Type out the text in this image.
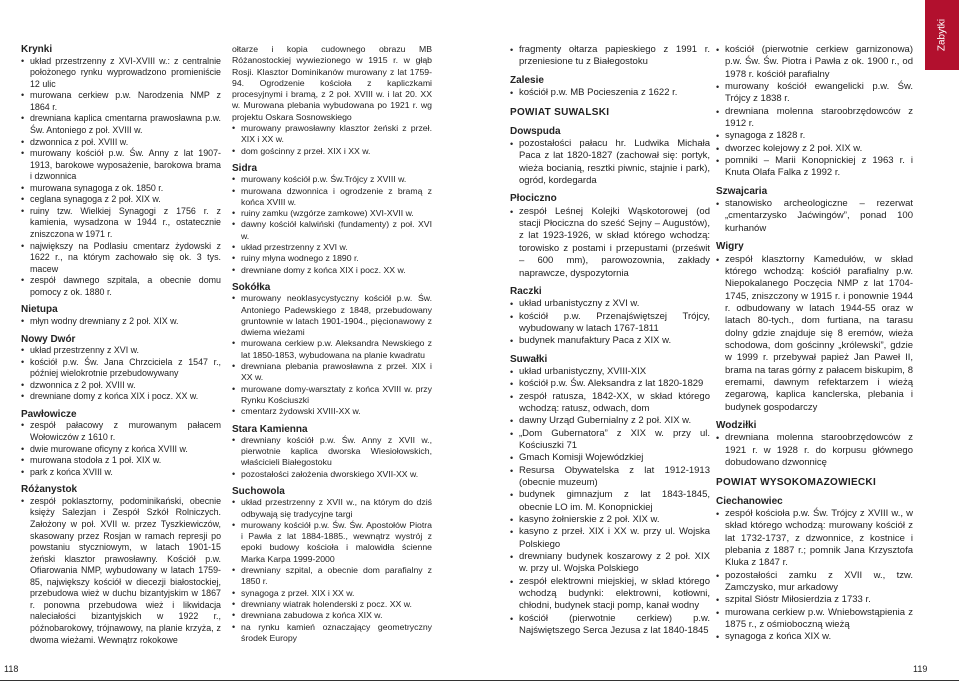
Zabytki
Krynki
• układ przestrzenny z XVI-XVIII w.: z centralnie położonego rynku wyprowadzono promieniście 12 ulic
• murowana cerkiew p.w. Narodzenia NMP z 1864 r.
• drewniana kaplica cmentarna prawosławna p.w. Św. Antoniego z poł. XVIII w.
• dzwonnica z poł. XVIII w.
• murowany kościół p.w. Św. Anny z lat 1907-1913, barokowe wyposażenie, barokowa brama i dzwonnica
• murowana synagoga z ok. 1850 r.
• ceglana synagoga z 2 poł. XIX w.
• ruiny tzw. Wielkiej Synagogi z 1756 r. z kamienia, wysadzona w 1944 r., ostatecznie zniszczona w 1971 r.
• największy na Podlasiu cmentarz żydowski z 1622 r., na którym zachowało się ok. 3 tys. macew
• zespół dawnego szpitala, a obecnie domu pomocy z ok. 1880 r.
Nietupa
• młyn wodny drewniany z 2 poł. XIX w.
Nowy Dwór
• układ przestrzenny z XVI w.
• kościół p.w. Św. Jana Chrzciciela z 1547 r., później wielokrotnie przebudowywany
• dzwonnica z 2 poł. XVIII w.
• drewniane domy z końca XIX i pocz. XX w.
Pawłowicze
• zespół pałacowy z murowanym pałacem Wołowiczów z 1610 r.
• dwie murowane oficyny z końca XVIII w.
• murowana stodoła z 1 poł. XIX w.
• park z końca XVIII w.
Różanystok
• zespół poklasztorny, podominikański, obecnie księży Salezjan i Zespół Szkół Rolniczych. Założony w poł. XVII w. przez Tyszkiewiczów, skasowany przez Rosjan w ramach represji po powstaniu styczniowym, w latach 1901-15 żeński klasztor prawosławny. Kościół p.w. Ofiarowania NMP, wybudowany w latach 1759-85, największy kościół w diecezji białostockiej, przebudowa wież w duchu bizantyjskim w 1867 r. ponowna przebudowa wież i likwidacja naleciałości bizantyjskich w 1922 r., późnobarokowy, trójnawowy, na planie krzyża, z dwoma wieżami. Wewnątrz rokokowe
ołtarze i kopia cudownego obrazu MB Różanostockiej wywiezionego w 1915 r. w głąb Rosji. Klasztor Dominikanów murowany z lat 1759-94. Ogrodzenie kościoła z kapliczkami procesyjnymi i bramą, z 2 poł. XVIII w. i lat 20. XX w. Murowana plebania wybudowana po 1921 r. wg projektu Oskara Sosnowskiego
• murowany prawosławny klasztor żeński z przeł. XIX i XX w.
• dom gościnny z przeł. XIX i XX w.
Sidra
• murowany kościół p.w. Św.Trójcy z XVIII w.
• murowana dzwonnica i ogrodzenie z bramą z końca XVIII w.
• ruiny zamku (wzgórze zamkowe) XVI-XVII w.
• dawny kościół kalwiński (fundamenty) z poł. XVI w.
• układ przestrzenny z XVI w.
• ruiny młyna wodnego z 1890 r.
• drewniane domy z końca XIX i pocz. XX w.
Sokółka
• murowany neoklasycystyczny kościół p.w. Św. Antoniego Padewskiego z 1848, przebudowany gruntownie w latach 1901-1904., pięcionawowy z dwiema wieżami
• murowana cerkiew p.w. Aleksandra Newskiego z lat 1850-1853, wybudowana na planie kwadratu
• drewniana plebania prawosławna z przeł. XIX i XX w.
• murowane domy-warsztaty z końca XVIII w. przy Rynku Kościuszki
• cmentarz żydowski XVIII-XX w.
Stara Kamienna
• drewniany kościół p.w. Św. Anny z XVII w., pierwotnie kaplica dworska Wiesiołowskich, właścicieli Białegostoku
• pozostałości założenia dworskiego XVII-XX w.
Suchowola
• układ przestrzenny z XVII w., na którym do dziś odbywają się tradycyjne targi
• murowany kościół p.w. Św. Św. Apostołów Piotra i Pawła z lat 1884-1885., wewnątrz wystrój z epoki budowy kościoła i malowidła ścienne Marka Karpa 1999-2000
• drewniany szpital, a obecnie dom parafialny z 1850 r.
• synagoga z przeł. XIX i XX w.
• drewniany wiatrak holenderski z pocz. XX w.
• drewniana zabudowa z końca XIX w.
• na rynku kamień oznaczający geometryczny środek Europy
• fragmenty ołtarza papieskiego z 1991 r. przeniesione tu z Białegostoku
Zalesie
• kościół p.w. MB Pocieszenia z 1622 r.
POWIAT SUWALSKI
Dowspuda
• pozostałości pałacu hr. Ludwika Michała Paca z lat 1820-1827 (zachował się: portyk, wieża bocianią, resztki piwnic, stajnie i park), ogród, kordegarda
Płociczno
• zespół Leśnej Kolejki Wąskotorowej (od stacji Płociczna do sześć Sejny – Augustów), z lat 1923-1926, w skład którego wchodzą: torowisko z postami i przepustami (prześwit – 600 mm), parowozownia, zakłady naprawcze, dyspozytornia
Raczki
• układ urbanistyczny z XVI w.
• kościół p.w. Przenajświętszej Trójcy, wybudowany w latach 1767-1811
• budynek manufaktury Paca z XIX w.
Suwałki
• układ urbanistyczny, XVIII-XIX
• kościół p.w. Św. Aleksandra z lat 1820-1829
• zespół ratusza, 1842-XX, w skład którego wchodzą: ratusz, odwach, dom
• dawny Urząd Gubernialny z 2 poł. XIX w.
• „Dom Gubernatora” z XIX w. przy ul. Kościuszki 71
• Gmach Komisji Wojewódzkiej
• Resursa Obywatelska z lat 1912-1913 (obecnie muzeum)
• budynek gimnazjum z lat 1843-1845, obecnie LO im. M. Konopnickiej
• kasyno żołnierskie z 2 poł. XIX w.
• kasyno z przeł. XIX i XX w. przy ul. Wojska Polskiego
• drewniany budynek koszarowy z 2 poł. XIX w. przy ul. Wojska Polskiego
• zespół elektrowni miejskiej, w skład którego wchodzą budynki: elektrowni, kotłowni, chłodni, budynek stacji pomp, kanał wodny
• kościół (pierwotnie cerkiew) p.w. Najświętszego Serca Jezusa z lat 1840-1845
• kościół (pierwotnie cerkiew garnizonowa) p.w. Św. Św. Piotra i Pawła z ok. 1900 r., od 1978 r. kościół parafialny
• murowany kościół ewangelicki p.w. Św. Trójcy z 1838 r.
• drewniana molenna staroobrzędowców z 1912 r.
• synagoga z 1828 r.
• dworzec kolejowy z 2 poł. XIX w.
• pomniki – Marii Konopnickiej z 1963 r. i Knuta Olafa Falka z 1992 r.
Szwajcaria
• stanowisko archeologiczne – rezerwat „cmentarzysko Jaćwingów”, ponad 100 kurhanów
Wigry
• zespół klasztorny Kamedułów, w skład którego wchodzą: kościół parafialny p.w. Niepokalanego Poczęcia NMP z lat 1704-1745, zniszczony w 1915 r. i ponownie 1944 r. odbudowany w latach 1944-55 oraz w latach 80-tych., dom furtiana, na tarasu dolny gdzie znajduje się 8 eremów, wieża schodowa, dom gościnny „królewski”, gdzie w 1999 r. przebywał papież Jan Paweł II, brama na taras górny z pałacem biskupim, 8 eremami, dawnym refektarzem i wieżą zegarową, kaplica kanclerska, plebania i budynek gospodarczy
Wodziłki
• drewniana molenna staroobrzędowców z 1921 r. w 1928 r. do korpusu głównego dobudowano dzwonnicę
POWIAT WYSOKOMAZOWIECKI
Ciechanowiec
• zespół kościoła p.w. Św. Trójcy z XVIII w., w skład którego wchodzą: murowany kościół z lat 1732-1737, z dzwonnice, z kostnice i plebania z 1887 r.; pomnik Jana Krzysztofa Kluka z 1847 r.
• pozostałości zamku z XVII w., tzw. Zamczysko, mur arkadowy
• szpital Sióstr Miłosierdzia z 1733 r.
• murowana cerkiew p.w. Wniebowstąpienia z 1875 r., z ośmioboczną wieżą
• synagoga z końca XIX w.
118	119
